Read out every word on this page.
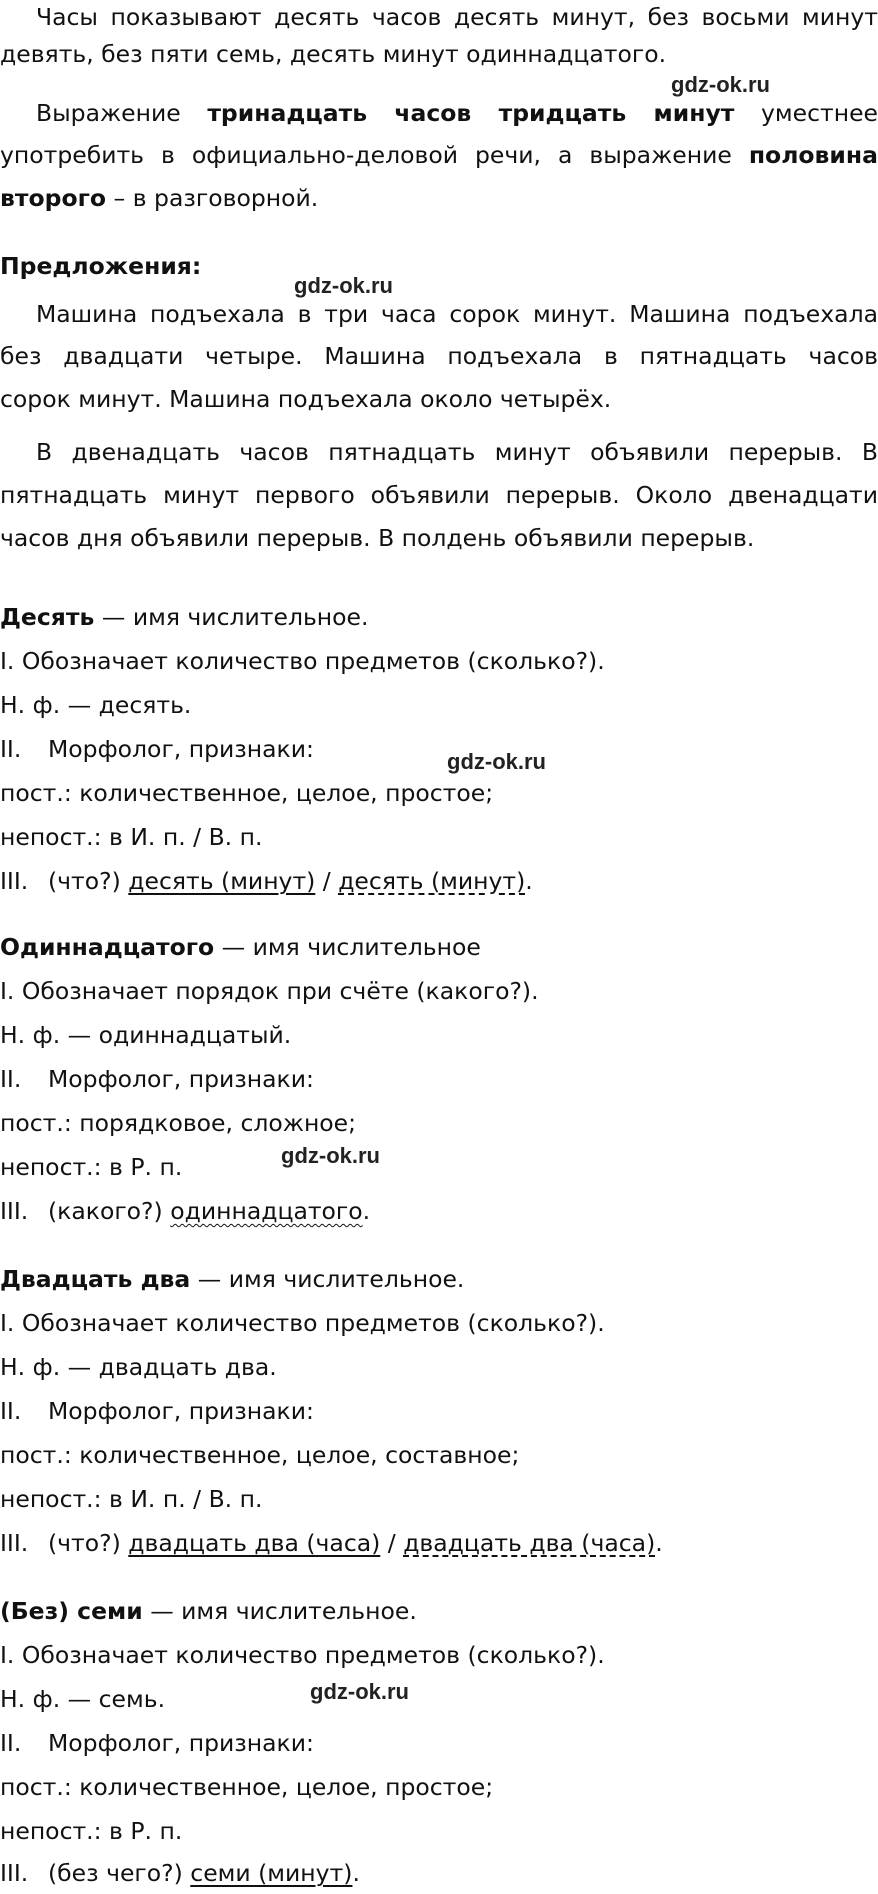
Часы показывают десять часов десять минут, без восьми минут
девять, без пяти семь, десять минут одиннадцатого.
Выражение тринадцать часов тридцать минут уместнее
употребить в официально-деловой речи, а выражение половина
второго – в разговорной.
Предложения:
Машина подъехала в три часа сорок минут. Машина подъехала
без двадцати четыре. Машина подъехала в пятнадцать часов
сорок минут. Машина подъехала около четырёх.
В двенадцать часов пятнадцать минут объявили перерыв. В
пятнадцать минут первого объявили перерыв. Около двенадцати
часов дня объявили перерыв. В полдень объявили перерыв.
Десять — имя числительное.
I. Обозначает количество предметов (сколько?).
Н. ф. — десять.
II. Морфолог, признаки:
пост.: количественное, целое, простое;
непост.: в И. п. / В. п.
III. (что?) десять (минут) / десять (минут).
Одиннадцатого — имя числительное
I. Обозначает порядок при счёте (какого?).
Н. ф. — одиннадцатый.
II. Морфолог, признаки:
пост.: порядковое, сложное;
непост.: в Р. п.
III. (какого?) одиннадцатого.
Двадцать два — имя числительное.
I. Обозначает количество предметов (сколько?).
Н. ф. — двадцать два.
II. Морфолог, признаки:
пост.: количественное, целое, составное;
непост.: в И. п. / В. п.
III. (что?) двадцать два (часа) / двадцать два (часа).
(Без) семи — имя числительное.
I. Обозначает количество предметов (сколько?).
Н. ф. — семь.
II. Морфолог, признаки:
пост.: количественное, целое, простое;
непост.: в Р. п.
III. (без чего?) семи (минут).
gdz-ok.ru
gdz-ok.ru
gdz-ok.ru
gdz-ok.ru
gdz-ok.ru
